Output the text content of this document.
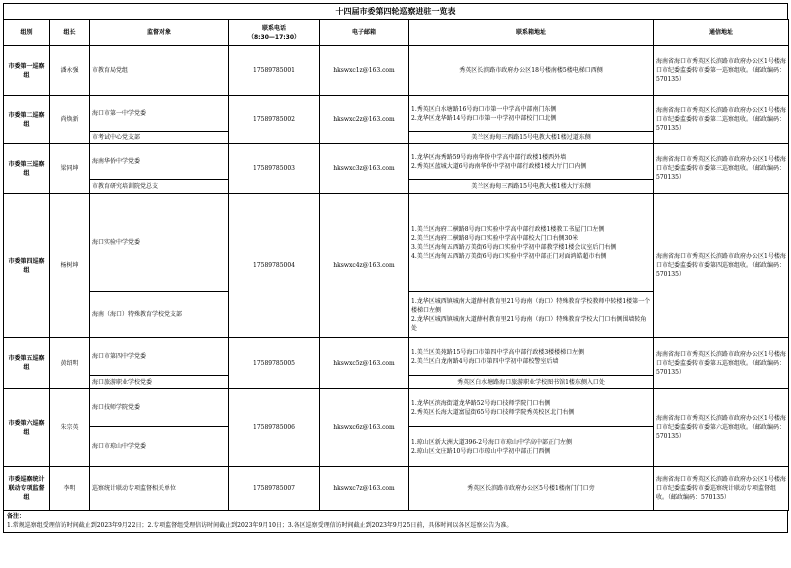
十四届市委第四轮巡察进驻一览表
组别	组长	监督对象	联系电话
（8:30—17:30）	电子邮箱	联系箱地址	通信地址
市委第一巡察组	潘永强	市教育局党组	17589785001	hkswxc1z@163.com	秀英区长滨路市政府办公区18号楼南楼5楼电梯口西侧	海南省海口市秀英区长滨路市政府办公区1号楼海口市纪委监委转市委第一巡察组收。（邮政编码：570135）
市委第二巡察组	尚焕新	海口市第一中学党委	17589785002	hkswxc2z@163.com	1.秀英区白水塘路16号海口市第一中学高中部南门东侧
2.龙华区龙华路14号海口市第一中学初中部校门口北侧	海南省海口市秀英区长滨路市政府办公区1号楼海口市纪委监委转市委第二巡察组收。（邮政编码：570135）
		市考试中心党支部			美兰区海甸三西路15号电教大楼1楼过道东侧	

市委第三巡察组	梁同坤	海南华侨中学党委	17589785003	hkswxc3z@163.com	1.龙华区海秀路59号海南华侨中学高中部行政楼1楼西外墙
2.秀英区蓝城大道6号海南华侨中学初中部行政楼1楼大厅门口内侧	海南省海口市秀英区长滨路市政府办公区1号楼海口市纪委监委转市委第三巡察组收。（邮政编码：570135）
		市教育研究培训院党总支			美兰区海甸三西路15号电教大楼1楼大厅东侧	

市委第四巡察组	杨树坤	海口实验中学党委	17589785004	hkswxc4z@163.com	1.美兰区海府二横路8号海口实验中学高中部行政楼1楼教工书屋门口左侧
2.美兰区海府二横路8号海口实验中学高中部校大门口右侧30米
3.美兰区海甸五西路万美街6号海口实验中学初中部教学楼1楼会议室后门右侧
4.美兰区海甸五西路万美街6号海口实验中学初中部正门对面鸿皓超市右侧	海南省海口市秀英区长滨路市政府办公区1号楼海口市纪委监委转市委第四巡察组收。（邮政编码：570135）
		海南（海口）特殊教育学校党支部			1.龙华区城西镇城南大道薛村教育里21号海南（海口）特殊教育学校教师中转楼1楼第一个楼梯口左侧
2.龙华区城西镇城南大道薛村教育里21号海南（海口）特殊教育学校大门口右侧围墙转角处	

市委第五巡察组	黄绍明	海口市第四中学党委	17589785005	hkswxc5z@163.com	1.美兰区美苑路15号海口市第四中学高中部行政楼3楼楼梯口左侧
2.美兰区白龙南路4号海口市第四中学初中部校警室后墙	海南省海口市秀英区长滨路市政府办公区1号楼海口市纪委监委转市委第五巡察组收。（邮政编码：570135）
		海口旅游职业学校党委			秀英区白水塘路海口旅游职业学校图书馆1楼东侧入口处	

市委第六巡察组	朱宗英	海口技师学院党委	17589785006	hkswxc6z@163.com	1.龙华区滨海街道龙华路52号海口技师学院门口右侧
2.秀英区长海大道富屋街65号海口技师学院秀英校区北门右侧	海南省海口市秀英区长滨路市政府办公区1号楼海口市纪委监委转市委第六巡察组收。（邮政编码：570135）
		海口市琼山中学党委			1.琼山区新大洲大道396-2号海口市琼山中学高中部正门左侧
2.琼山区文庄路10号海口市琼山中学初中部正门西侧	

市委巡察统计联动专项监督组	李明	巡察统计联动专项监督相关单位	17589785007	hkswxc7z@163.com	秀英区长滨路市政府办公区5号楼1楼南门门口旁	海南省海口市秀英区长滨路市政府办公区1号楼海口市纪委监委转市委巡察统计联动专项监督组收。（邮政编码：570135）
备注：
1.常规巡察组受理信访时间截止到2023年9月22日；2.专项监督组受理信访时间截止到2023年9月10日；3.各区巡察受理信访时间截止到2023年9月25日前，具体时间以各区巡察公告为准。
